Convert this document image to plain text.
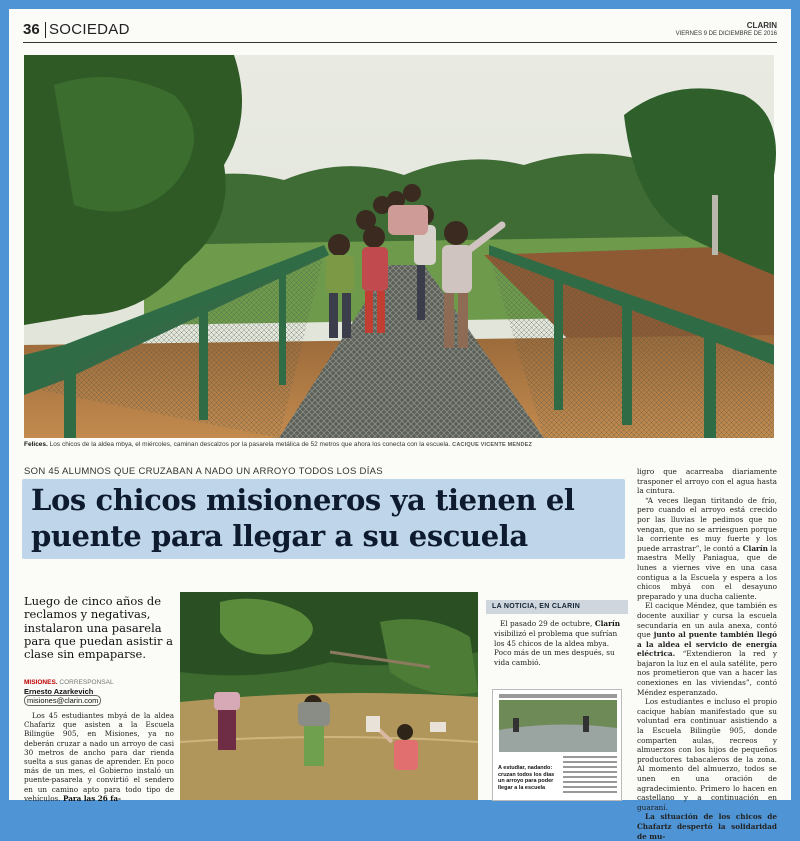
36 SOCIEDAD	CLARIN
VIERNES 9 DE DICIEMBRE DE 2016
Felices. Los chicos de la aldea mbya, el miércoles, caminan descalzos por la pasarela metálica de 52 metros que ahora los conecta con la escuela. CACIQUE VICENTE MENDEZ
SON 45 ALUMNOS QUE CRUZABAN A NADO UN ARROYO TODOS LOS DÍAS
Los chicos misioneros ya tienen el puente para llegar a su escuela

ligro que acarreaba diariamente trasponer el arroyo con el agua hasta la cintura.

“A veces llegan tiritando de frío, pero cuando el arroyo está crecido por las lluvias le pedimos que no vengan, que no se arriesguen porque la corriente es muy fuerte y los puede arrastrar”, le contó a Clarín la maestra Melly Paniagua, que de lunes a viernes vive en una casa contigua a la Escuela y espera a los chicos mbyá con el desayuno preparado y una ducha caliente.

El cacique Méndez, que también es docente auxiliar y cursa la escuela secundaria en un aula anexa, contó que junto al puente también llegó a la aldea el servicio de energía eléctrica. “Extendieron la red y bajaron la luz en el aula satélite, pero nos prometieron que van a hacer las conexiones en las viviendas”, contó Méndez esperanzado.

Los estudiantes e incluso el propio cacique habían manifestado que su voluntad era continuar asistiendo a la Escuela Bilingüe 905, donde comparten aulas, recreos y almuerzos con los hijos de pequeños productores tabacaleros de la zona. Al momento del almuerzo, todos se unen en una oración de agradecimiento. Primero lo hacen en castellano y a continuación en guaraní.

La situación de los chicos de Chafariz despertó la solidaridad de mu-

Luego de cinco años de reclamos y negativas, instalaron una pasarela para que puedan asistir a clase sin empaparse.
MISIONES. CORRESPONSAL
Ernesto Azarkevich
misiones@clarin.com
Los 45 estudiantes mbyá de la aldea Chafariz que asisten a la Escuela Bilingüe 905, en Misiones, ya no deberán cruzar a nado un arroyo de casi 30 metros de ancho para dar rienda suelta a sus ganas de aprender. En poco más de un mes, el Gobierno instaló un puente-pasarela y convirtió el sendero en un camino apto para todo tipo de vehículos. Para las 26 fa-
LA NOTICIA, EN CLARIN
El pasado 29 de octubre, Clarín visibilizó el problema que sufrían los 45 chicos de la aldea mbya. Poco más de un mes después, su vida cambió.
A estudiar, nadando: cruzan todos los días un arroyo para poder llegar a la escuela
